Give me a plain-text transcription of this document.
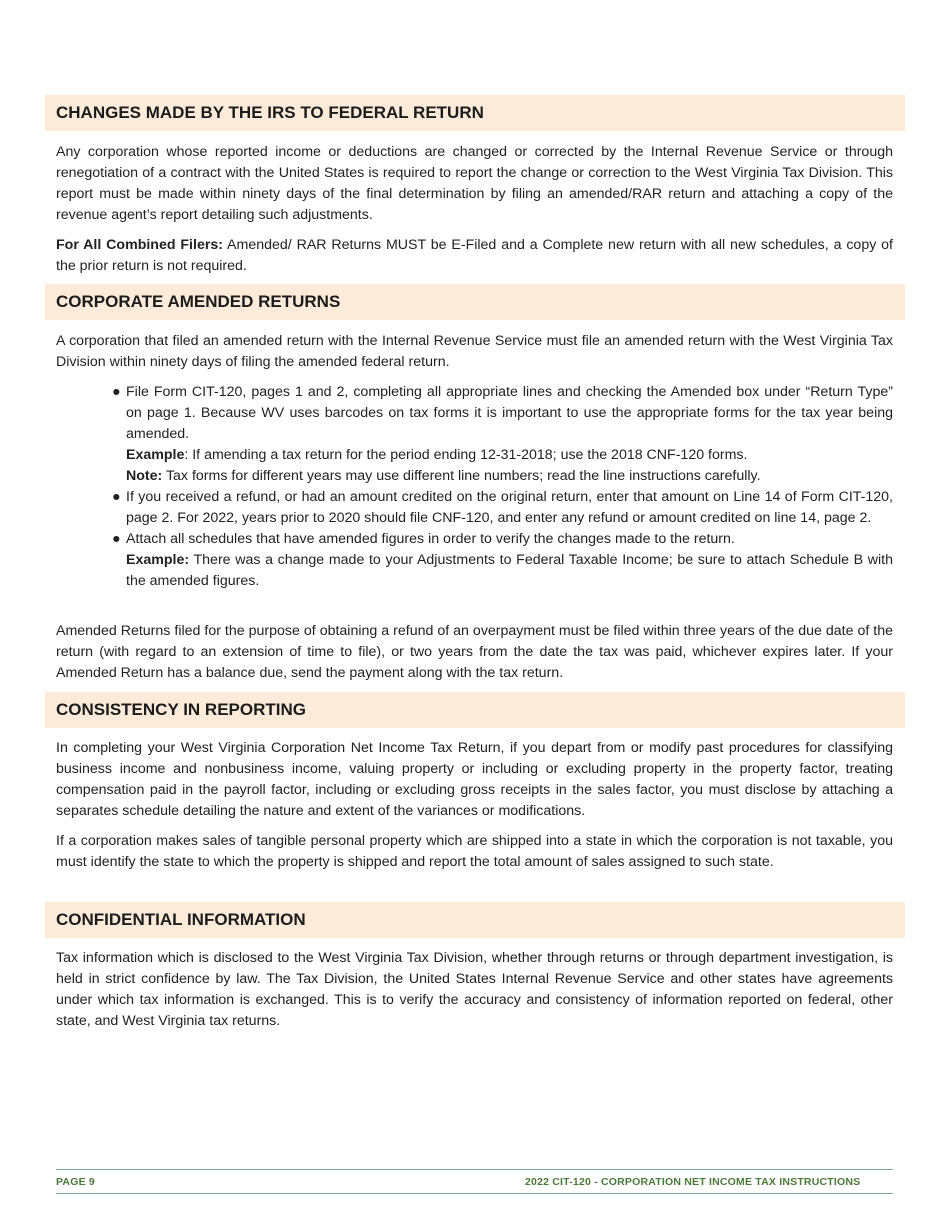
CHANGES MADE BY THE IRS TO FEDERAL RETURN

Any corporation whose reported income or deductions are changed or corrected by the Internal Revenue Service or through renegotiation of a contract with the United States is required to report the change or correction to the West Virginia Tax Division. This report must be made within ninety days of the final determination by filing an amended/RAR return and attaching a copy of the revenue agent’s report detailing such adjustments.

For All Combined Filers: Amended/ RAR Returns MUST be E-Filed and a Complete new return with all new schedules, a copy of the prior return is not required.

CORPORATE AMENDED RETURNS

A corporation that filed an amended return with the Internal Revenue Service must file an amended return with the West Virginia Tax Division within ninety days of filing the amended federal return.

● File Form CIT-120, pages 1 and 2, completing all appropriate lines and checking the Amended box under “Return Type” on page 1. Because WV uses barcodes on tax forms it is important to use the appropriate forms for the tax year being amended.
Example: If amending a tax return for the period ending 12-31-2018; use the 2018 CNF-120 forms.
Note: Tax forms for different years may use different line numbers; read the line instructions carefully.
● If you received a refund, or had an amount credited on the original return, enter that amount on Line 14 of Form CIT-120, page 2. For 2022, years prior to 2020 should file CNF-120, and enter any refund or amount credited on line 14, page 2.
● Attach all schedules that have amended figures in order to verify the changes made to the return.
Example: There was a change made to your Adjustments to Federal Taxable Income; be sure to attach Schedule B with the amended figures.

Amended Returns filed for the purpose of obtaining a refund of an overpayment must be filed within three years of the due date of the return (with regard to an extension of time to file), or two years from the date the tax was paid, whichever expires later. If your Amended Return has a balance due, send the payment along with the tax return.

CONSISTENCY IN REPORTING

In completing your West Virginia Corporation Net Income Tax Return, if you depart from or modify past procedures for classifying business income and nonbusiness income, valuing property or including or excluding property in the property factor, treating compensation paid in the payroll factor, including or excluding gross receipts in the sales factor, you must disclose by attaching a separates schedule detailing the nature and extent of the variances or modifications.

If a corporation makes sales of tangible personal property which are shipped into a state in which the corporation is not taxable, you must identify the state to which the property is shipped and report the total amount of sales assigned to such state.

CONFIDENTIAL INFORMATION

Tax information which is disclosed to the West Virginia Tax Division, whether through returns or through department investigation, is held in strict confidence by law. The Tax Division, the United States Internal Revenue Service and other states have agreements under which tax information is exchanged. This is to verify the accuracy and consistency of information reported on federal, other state, and West Virginia tax returns.

PAGE 9	2022 CIT-120 - CORPORATION NET INCOME TAX INSTRUCTIONS
